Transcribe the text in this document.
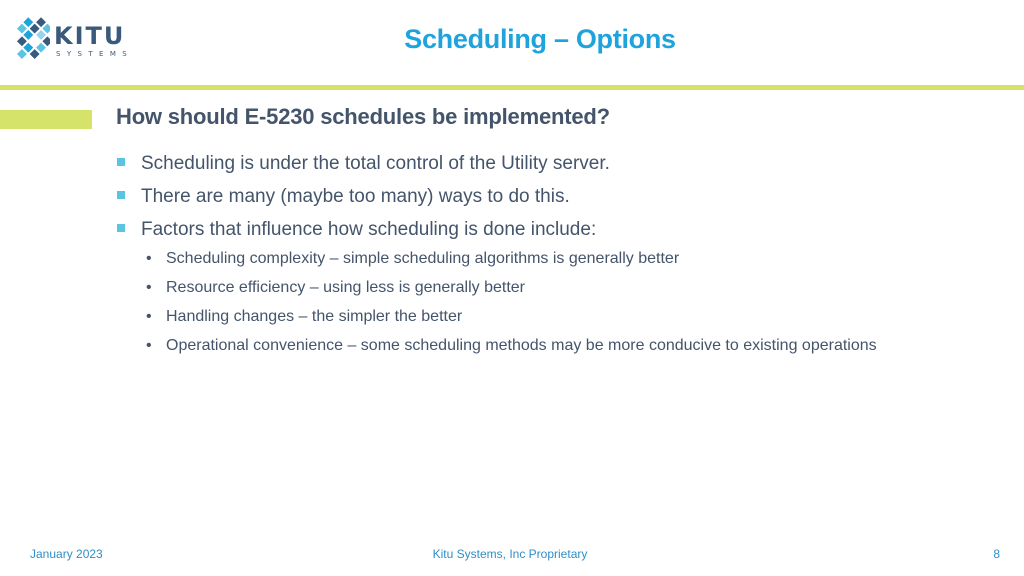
KITU
SYSTEMS	Scheduling – Options
How should E-5230 schedules be implemented?
Scheduling is under the total control of the Utility server.
There are many (maybe too many) ways to do this.
Factors that influence how scheduling is done include:
• Scheduling complexity – simple scheduling algorithms is generally better
• Resource efficiency – using less is generally better
• Handling changes – the simpler the better
• Operational convenience – some scheduling methods may be more conducive to existing operations
January 2023	Kitu Systems, Inc Proprietary	8
